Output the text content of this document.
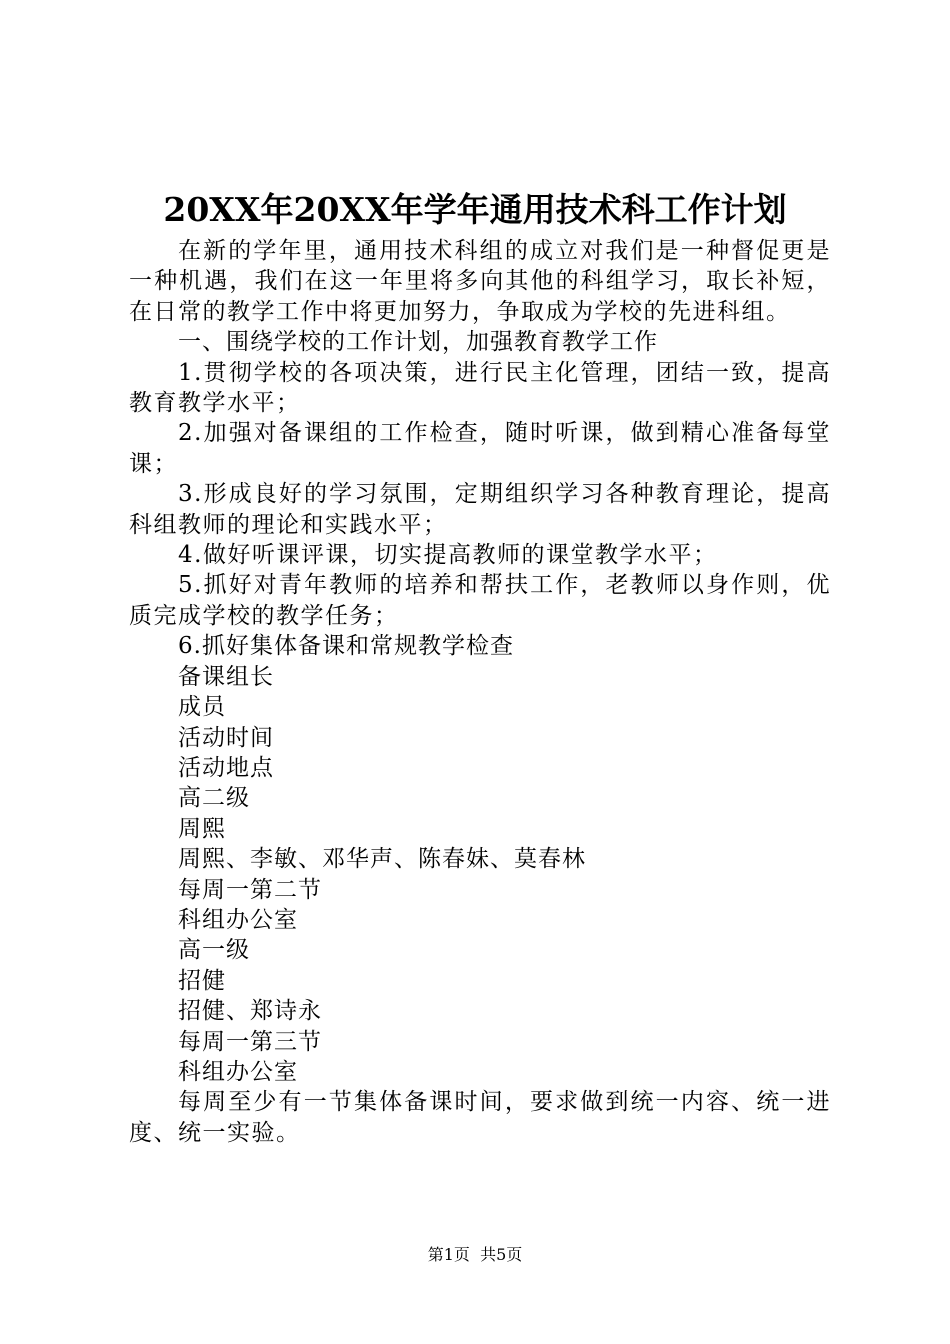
20XX年20XX年学年通用技术科工作计划

在新的学年里，通用技术科组的成立对我们是一种督促更是一种机遇，我们在这一年里将多向其他的科组学习，取长补短，在日常的教学工作中将更加努力，争取成为学校的先进科组。

一、围绕学校的工作计划，加强教育教学工作

1.贯彻学校的各项决策，进行民主化管理，团结一致，提高教育教学水平；

2.加强对备课组的工作检查，随时听课，做到精心准备每堂课；

3.形成良好的学习氛围，定期组织学习各种教育理论，提高科组教师的理论和实践水平；

4.做好听课评课，切实提高教师的课堂教学水平；

5.抓好对青年教师的培养和帮扶工作，老教师以身作则，优质完成学校的教学任务；

6.抓好集体备课和常规教学检查

备课组长

成员

活动时间

活动地点

高二级

周熙

周熙、李敏、邓华声、陈春妹、莫春林

每周一第二节

科组办公室

高一级

招健

招健、郑诗永

每周一第三节

科组办公室

每周至少有一节集体备课时间，要求做到统一内容、统一进度、统一实验。

第1页  共5页
